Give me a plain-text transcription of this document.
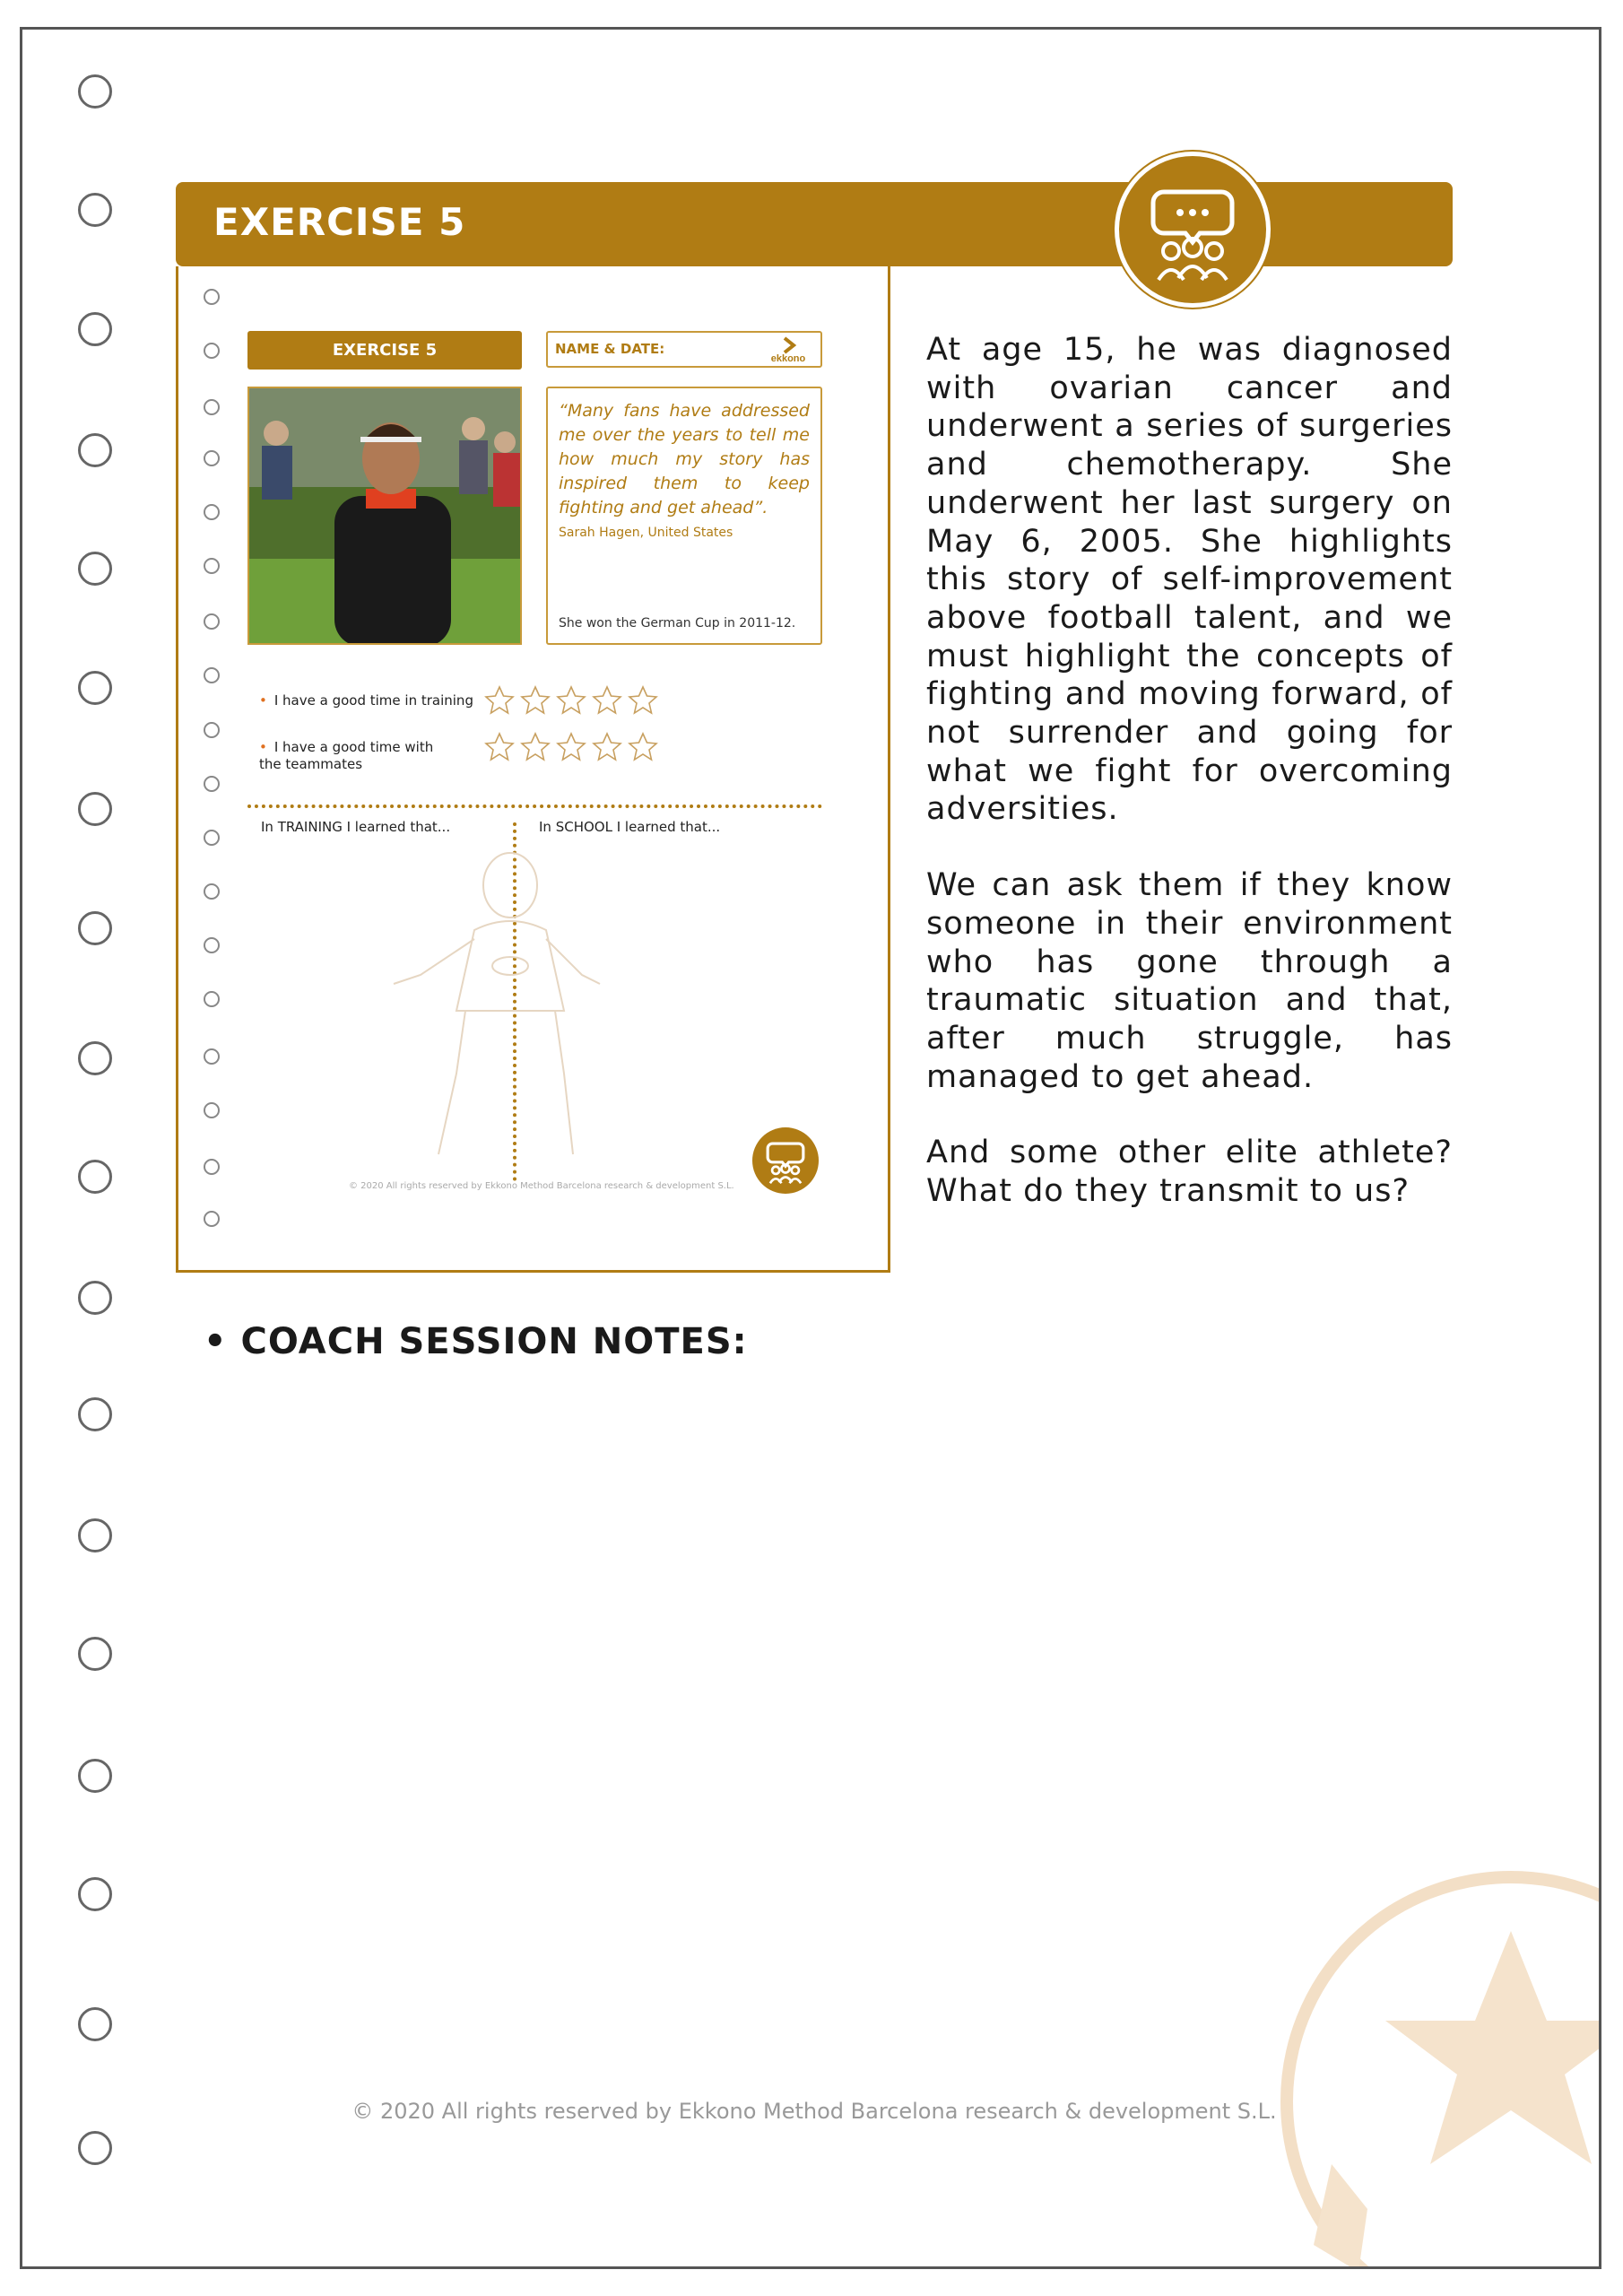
EXERCISE 5
EXERCISE 5	NAME & DATE:
ekkono
“Many fans have addressed me over the years to tell me how much my story has inspired them to keep fighting and get ahead”.
Sarah Hagen, United States
She won the German Cup in 2011-12.
• I have a good time in training
• I have a good time with the teammates
In TRAINING I learned that...	In SCHOOL I learned that...
© 2020 All rights reserved by Ekkono Method Barcelona research & development S.L.

At age 15, he was diagnosed with ovarian cancer and underwent a series of surgeries and chemotherapy. She underwent her last surgery on May 6, 2005. She highlights this story of self-improvement above football talent, and we must highlight the concepts of fighting and moving forward, of not surrender and going for what we fight for overcoming adversities.

We can ask them if they know someone in their environment who has gone through a traumatic situation and that, after much struggle, has managed to get ahead.

And some other elite athlete? What do they transmit to us?

• COACH SESSION NOTES:
© 2020 All rights reserved by Ekkono Method Barcelona research & development S.L.
